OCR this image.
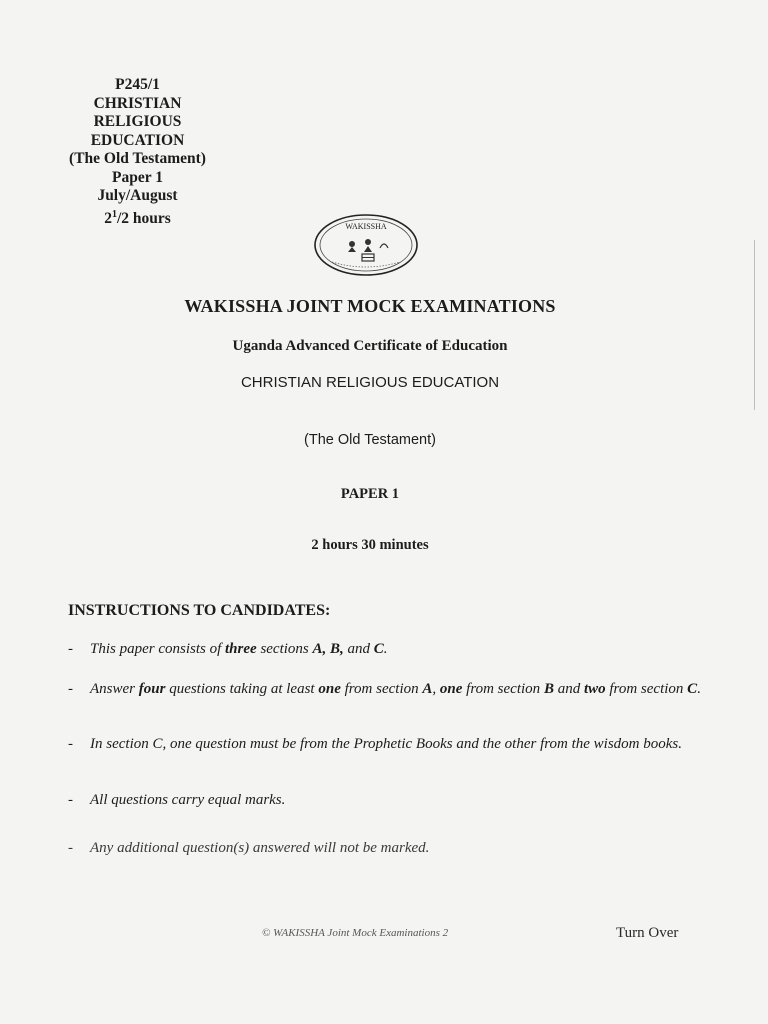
P245/1
CHRISTIAN
RELIGIOUS
EDUCATION
(The Old Testament)
Paper 1
July/August
$2^1/2$ hours	WAKISSHA
WAKISSHA JOINT MOCK EXAMINATIONS
Uganda Advanced Certificate of Education
CHRISTIAN RELIGIOUS EDUCATION
(The Old Testament)
PAPER 1
2 hours 30 minutes
INSTRUCTIONS TO CANDIDATES:
- This paper consists of three sections A, B, and C.
- Answer four questions taking at least one from section A, one from section B and two from section C.
- In section C, one question must be from the Prophetic Books and the other from the wisdom books.
- All questions carry equal marks.
- Any additional question(s) answered will not be marked.
© WAKISSHA Joint Mock Examinations 2	Turn Over
